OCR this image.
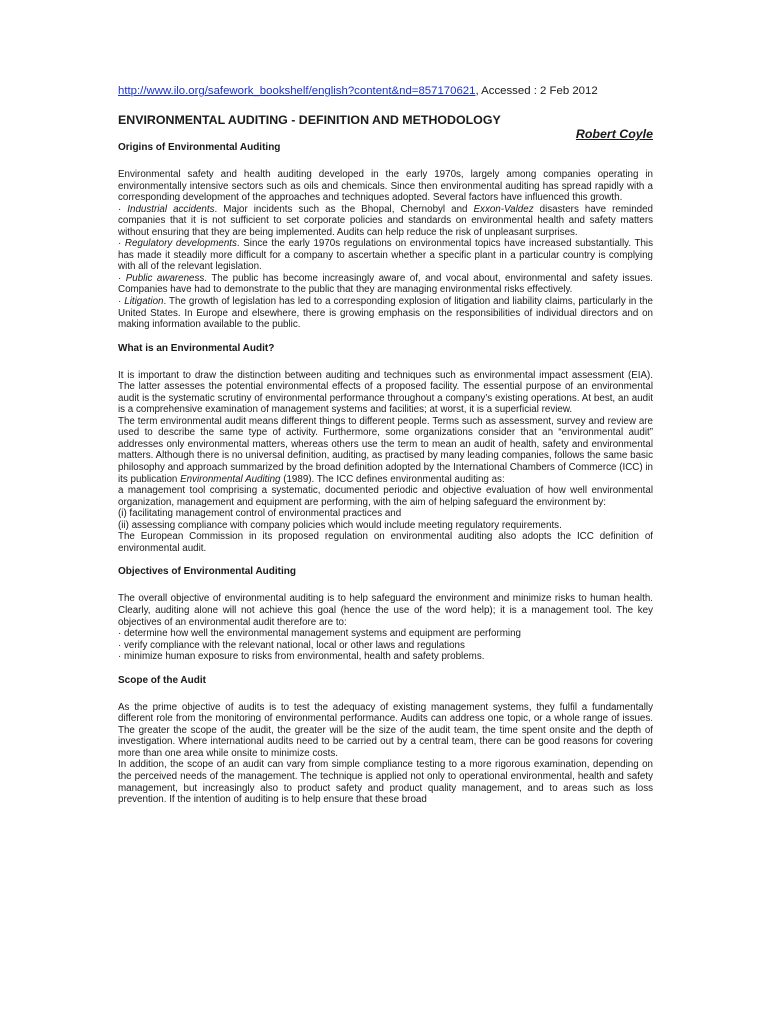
http://www.ilo.org/safework_bookshelf/english?content&nd=857170621, Accessed : 2 Feb 2012

ENVIRONMENTAL AUDITING - DEFINITION AND METHODOLOGY

Robert Coyle

Origins of Environmental Auditing

Environmental safety and health auditing developed in the early 1970s, largely among companies operating in environmentally intensive sectors such as oils and chemicals. Since then environmental auditing has spread rapidly with a corresponding development of the approaches and techniques adopted. Several factors have influenced this growth.

· Industrial accidents. Major incidents such as the Bhopal, Chernobyl and Exxon-Valdez disasters have reminded companies that it is not sufficient to set corporate policies and standards on environmental health and safety matters without ensuring that they are being implemented. Audits can help reduce the risk of unpleasant surprises.

· Regulatory developments. Since the early 1970s regulations on environmental topics have increased substantially. This has made it steadily more difficult for a company to ascertain whether a specific plant in a particular country is complying with all of the relevant legislation.

· Public awareness. The public has become increasingly aware of, and vocal about, environmental and safety issues. Companies have had to demonstrate to the public that they are managing environmental risks effectively.

· Litigation. The growth of legislation has led to a corresponding explosion of litigation and liability claims, particularly in the United States. In Europe and elsewhere, there is growing emphasis on the responsibilities of individual directors and on making information available to the public.

What is an Environmental Audit?

It is important to draw the distinction between auditing and techniques such as environmental impact assessment (EIA). The latter assesses the potential environmental effects of a proposed facility. The essential purpose of an environmental audit is the systematic scrutiny of environmental performance throughout a company’s existing operations. At best, an audit is a comprehensive examination of management systems and facilities; at worst, it is a superficial review.

The term environmental audit means different things to different people. Terms such as assessment, survey and review are used to describe the same type of activity. Furthermore, some organizations consider that an “environmental audit” addresses only environmental matters, whereas others use the term to mean an audit of health, safety and environmental matters. Although there is no universal definition, auditing, as practised by many leading companies, follows the same basic philosophy and approach summarized by the broad definition adopted by the International Chambers of Commerce (ICC) in its publication Environmental Auditing (1989). The ICC defines environmental auditing as:

a management tool comprising a systematic, documented periodic and objective evaluation of how well environmental organization, management and equipment are performing, with the aim of helping safeguard the environment by:

(i) facilitating management control of environmental practices and

(ii) assessing compliance with company policies which would include meeting regulatory requirements.

The European Commission in its proposed regulation on environmental auditing also adopts the ICC definition of environmental audit.

Objectives of Environmental Auditing

The overall objective of environmental auditing is to help safeguard the environment and minimize risks to human health. Clearly, auditing alone will not achieve this goal (hence the use of the word help); it is a management tool. The key objectives of an environmental audit therefore are to:

· determine how well the environmental management systems and equipment are performing

· verify compliance with the relevant national, local or other laws and regulations

· minimize human exposure to risks from environmental, health and safety problems.

Scope of the Audit

As the prime objective of audits is to test the adequacy of existing management systems, they fulfil a fundamentally different role from the monitoring of environmental performance. Audits can address one topic, or a whole range of issues. The greater the scope of the audit, the greater will be the size of the audit team, the time spent onsite and the depth of investigation. Where international audits need to be carried out by a central team, there can be good reasons for covering more than one area while onsite to minimize costs.

In addition, the scope of an audit can vary from simple compliance testing to a more rigorous examination, depending on the perceived needs of the management. The technique is applied not only to operational environmental, health and safety management, but increasingly also to product safety and product quality management, and to areas such as loss prevention. If the intention of auditing is to help ensure that these broad
